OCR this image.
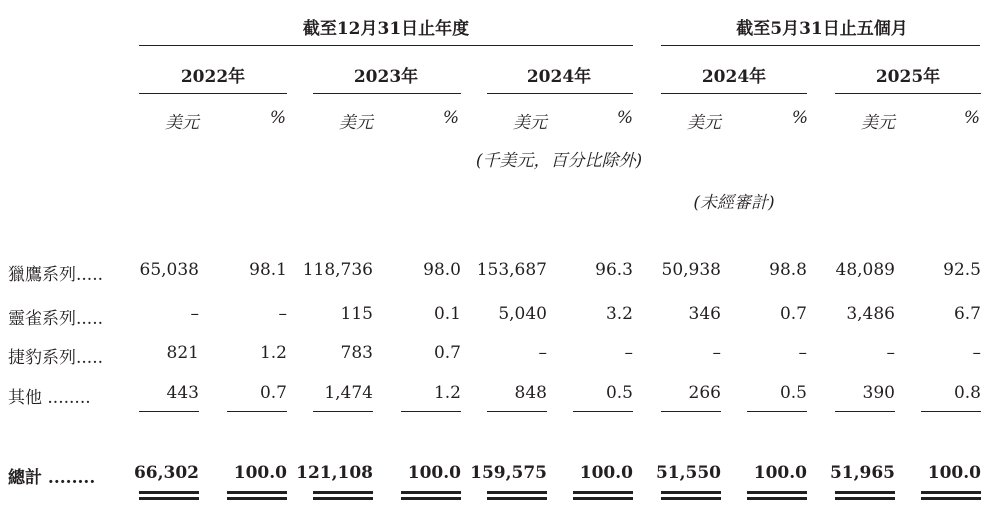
截至12月31日止年度	截至5月31日止五個月
2022年	2023年	2024年	2024年	2025年
美元	%	美元	%	美元	%	美元	%	美元	%
(千美元，百分比除外)
(未經審計)
獵鷹系列..... 65,038	98.1 118,736	98.0 153,687	96.3 50,938	98.8 48,089	92.5
靈雀系列.....	–	–	115	0.1 5,040	3.2	346	0.7 3,486	6.7
捷豹系列.....	821	1.2	783	0.7	–	–	–	–	–	–
其他 ........	443	0.7 1,474	1.2	848	0.5	266	0.5	390	0.8
總計 ........ 66,302 100.0 121,108 100.0 159,575 100.0 51,550 100.0 51,965 100.0
